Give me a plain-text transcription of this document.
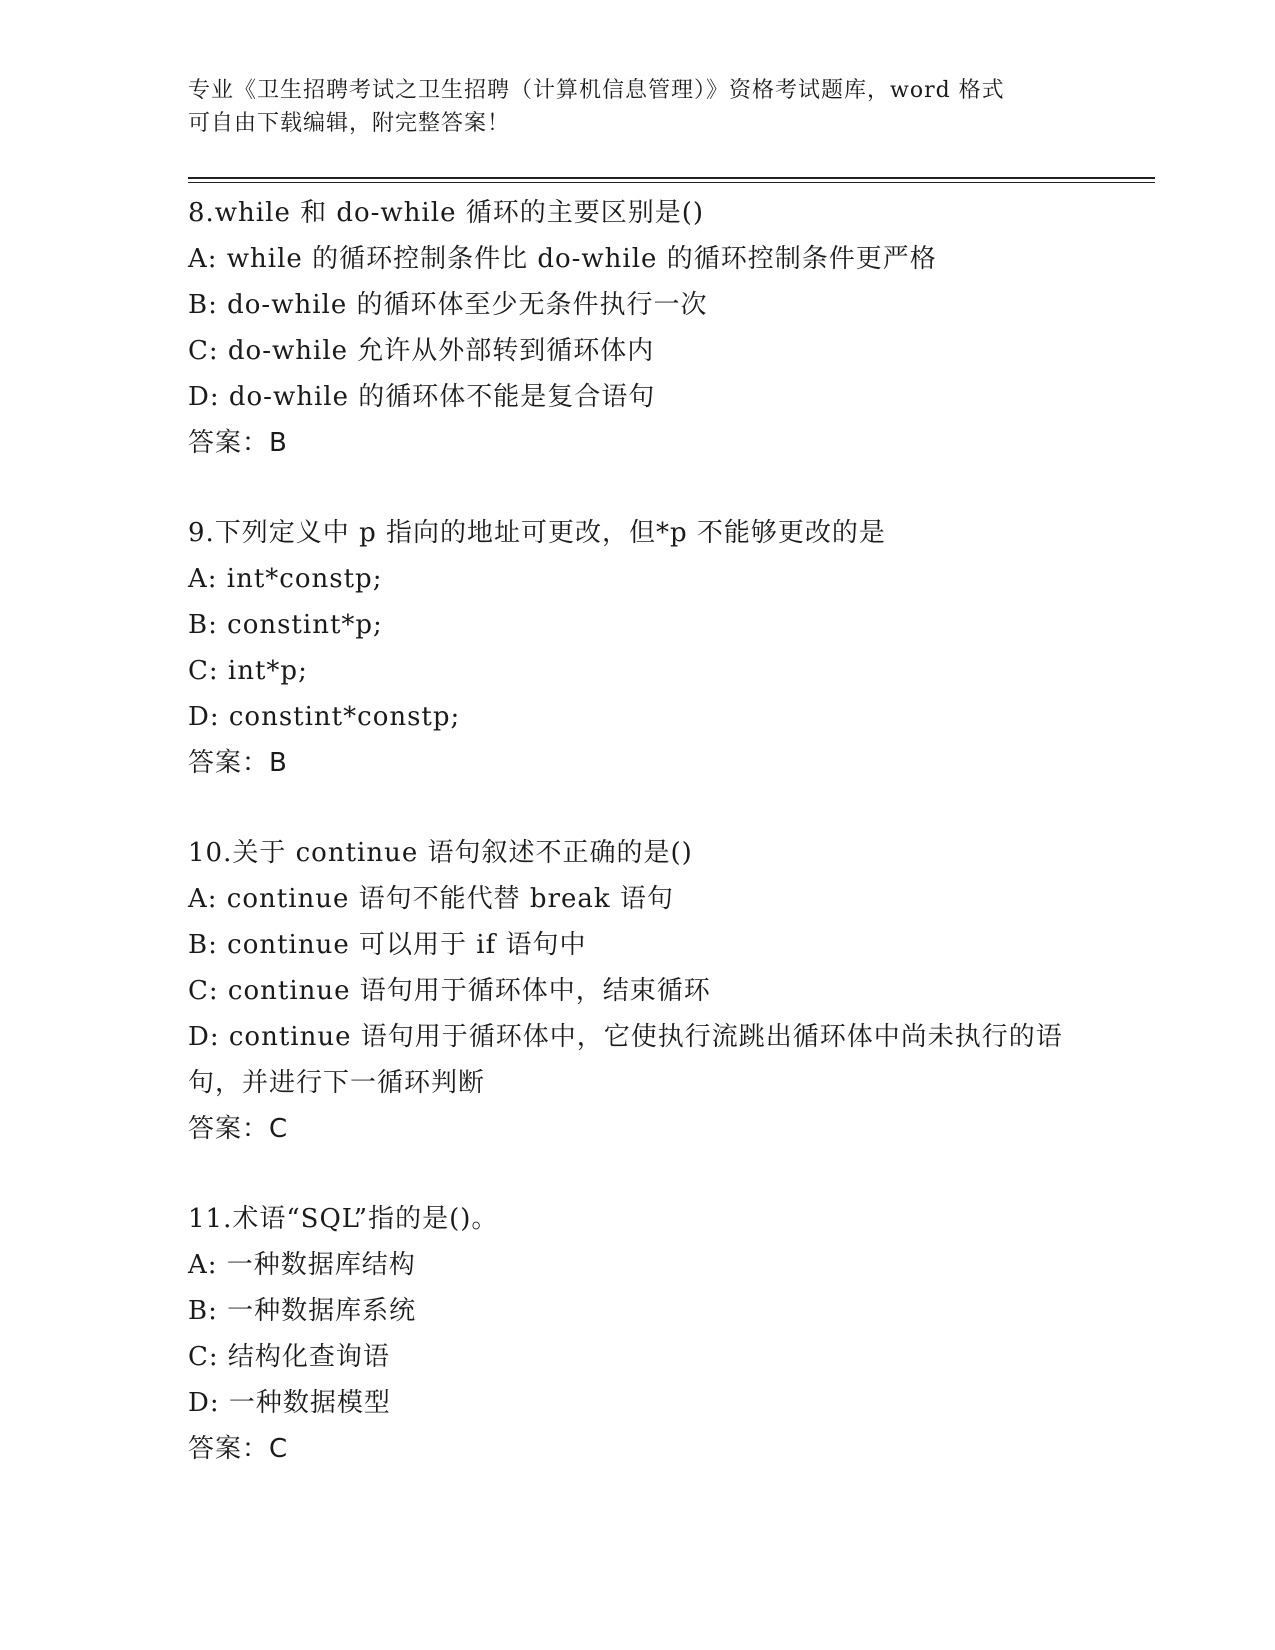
专业《卫生招聘考试之卫生招聘（计算机信息管理）》资格考试题库，word 格式
可自由下载编辑，附完整答案！
8.while 和 do-while 循环的主要区别是()
A: while 的循环控制条件比 do-while 的循环控制条件更严格
B: do-while 的循环体至少无条件执行一次
C: do-while 允许从外部转到循环体内
D: do-while 的循环体不能是复合语句
答案：B
9.下列定义中 p 指向的地址可更改，但*p 不能够更改的是
A: int*constp;
B: constint*p;
C: int*p;
D: constint*constp;
答案：B
10.关于 continue 语句叙述不正确的是()
A: continue 语句不能代替 break 语句
B: continue 可以用于 if 语句中
C: continue 语句用于循环体中，结束循环
D: continue 语句用于循环体中，它使执行流跳出循环体中尚未执行的语句，并进行下一循环判断
答案：C
11.术语“SQL”指的是()。
A: 一种数据库结构
B: 一种数据库系统
C: 结构化查询语
D: 一种数据模型
答案：C
